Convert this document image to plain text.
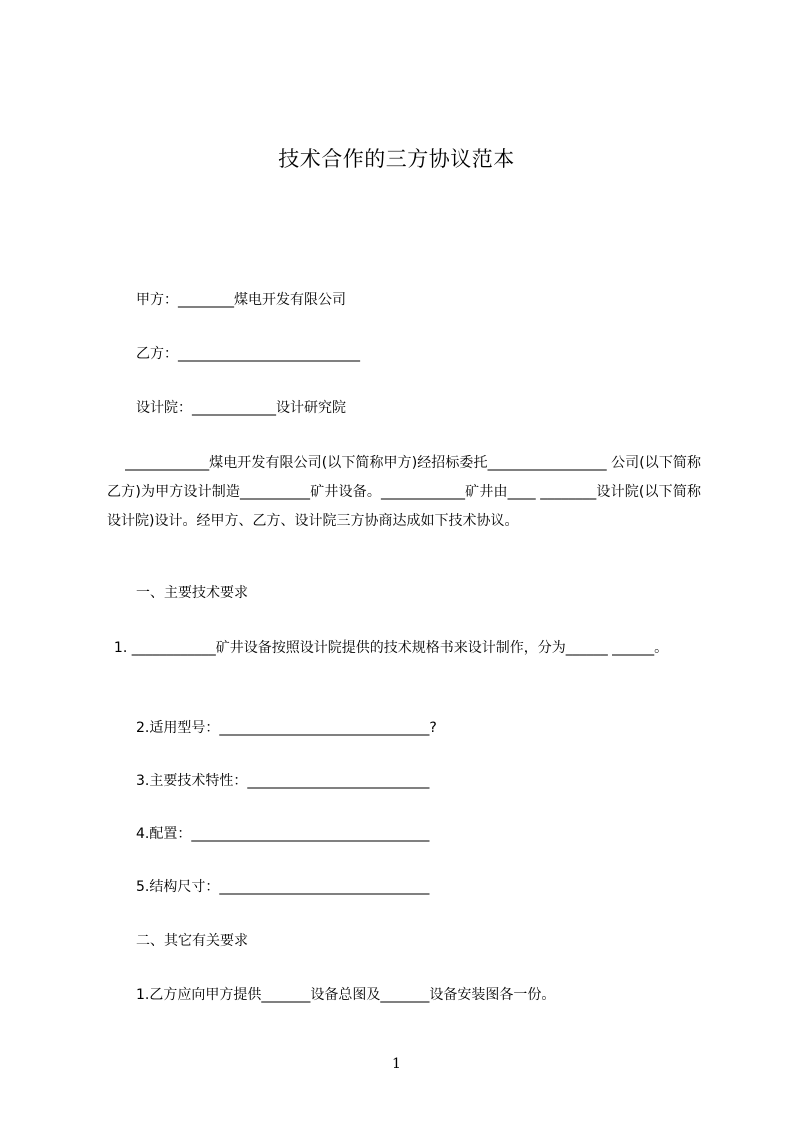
技术合作的三方协议范本
甲方：________煤电开发有限公司
乙方：__________________________
设计院：____________设计研究院
____________煤电开发有限公司(以下简称甲方)经招标委托_________________ 公司(以下简称乙方)为甲方设计制造__________矿井设备。____________矿井由____ ________设计院(以下简称设计院)设计。经甲方、乙方、设计院三方协商达成如下技术协议。
一、主要技术要求
1. ____________矿井设备按照设计院提供的技术规格书来设计制作，分为______ ______。
2.适用型号：______________________________?
3.主要技术特性：__________________________
4.配置：__________________________________
5.结构尺寸：______________________________
二、其它有关要求
1.乙方应向甲方提供_______设备总图及_______设备安装图各一份。
1
